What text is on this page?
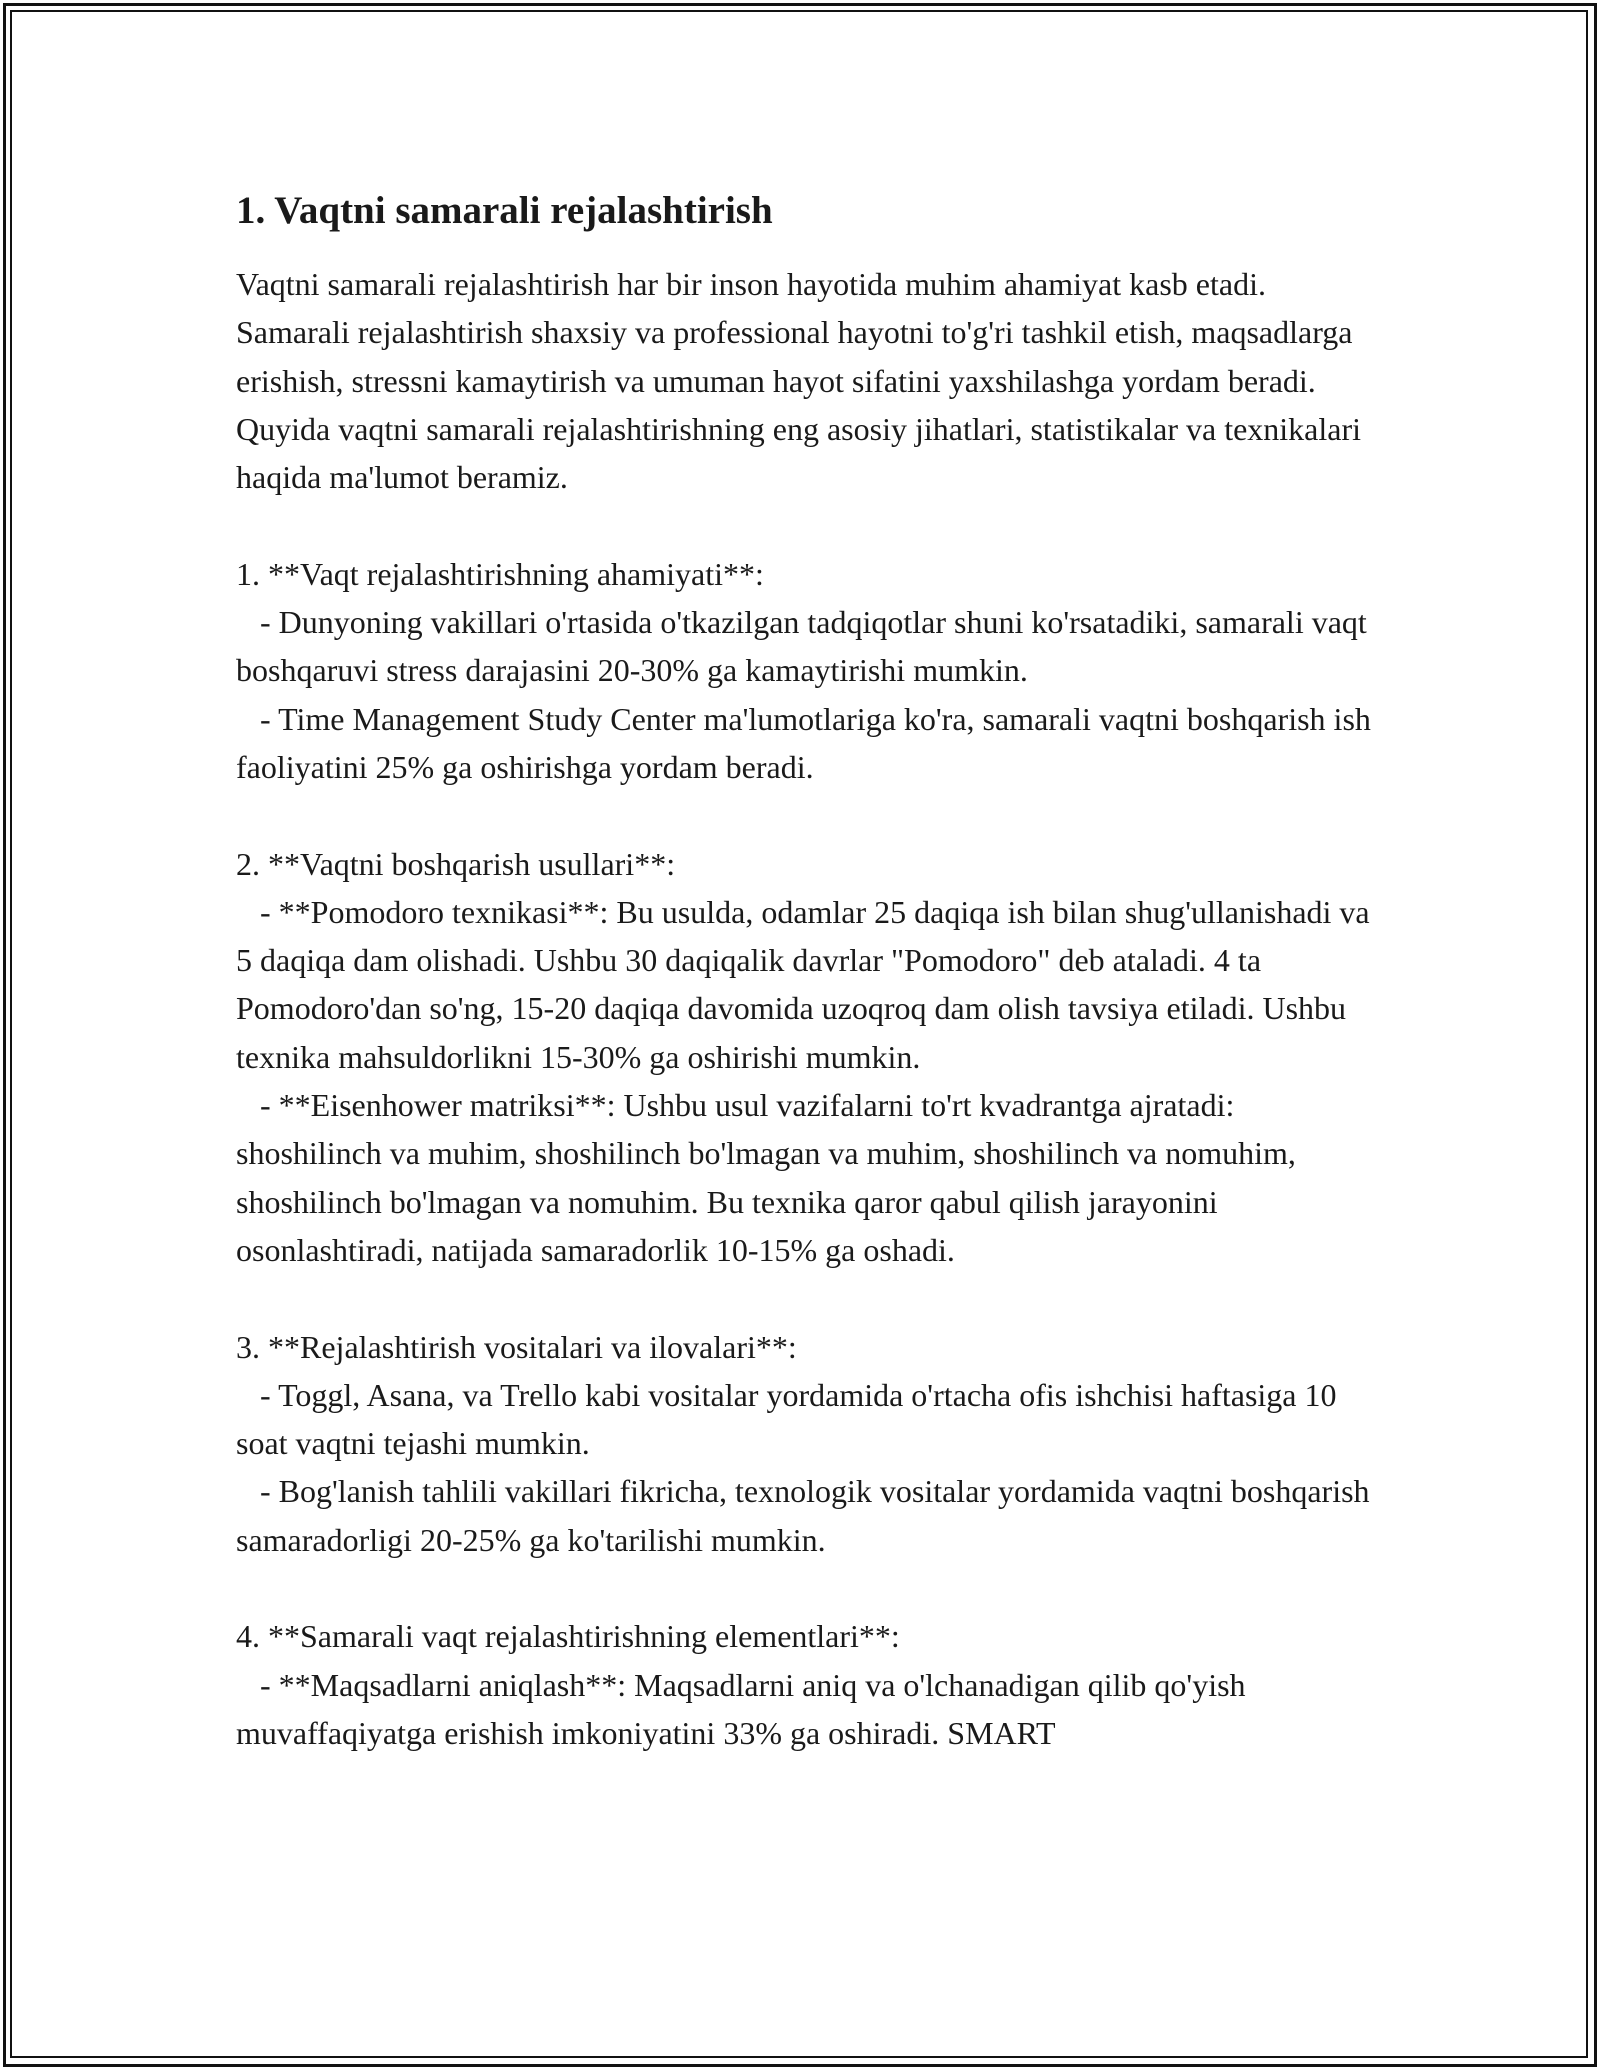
1. Vaqtni samarali rejalashtirish

Vaqtni samarali rejalashtirish har bir inson hayotida muhim ahamiyat kasb etadi. Samarali rejalashtirish shaxsiy va professional hayotni to'g'ri tashkil etish, maqsadlarga erishish, stressni kamaytirish va umuman hayot sifatini yaxshilashga yordam beradi. Quyida vaqtni samarali rejalashtirishning eng asosiy jihatlari, statistikalar va texnikalari haqida ma'lumot beramiz.

1. **Vaqt rejalashtirishning ahamiyati**:

- Dunyoning vakillari o'rtasida o'tkazilgan tadqiqotlar shuni ko'rsatadiki, samarali vaqt boshqaruvi stress darajasini 20-30% ga kamaytirishi mumkin.

- Time Management Study Center ma'lumotlariga ko'ra, samarali vaqtni boshqarish ish faoliyatini 25% ga oshirishga yordam beradi.

2. **Vaqtni boshqarish usullari**:

- **Pomodoro texnikasi**: Bu usulda, odamlar 25 daqiqa ish bilan shug'ullanishadi va 5 daqiqa dam olishadi. Ushbu 30 daqiqalik davrlar "Pomodoro" deb ataladi. 4 ta Pomodoro'dan so'ng, 15-20 daqiqa davomida uzoqroq dam olish tavsiya etiladi. Ushbu texnika mahsuldorlikni 15-30% ga oshirishi mumkin.

- **Eisenhower matriksi**: Ushbu usul vazifalarni to'rt kvadrantga ajratadi: shoshilinch va muhim, shoshilinch bo'lmagan va muhim, shoshilinch va nomuhim, shoshilinch bo'lmagan va nomuhim. Bu texnika qaror qabul qilish jarayonini osonlashtiradi, natijada samaradorlik 10-15% ga oshadi.

3. **Rejalashtirish vositalari va ilovalari**:

- Toggl, Asana, va Trello kabi vositalar yordamida o'rtacha ofis ishchisi haftasiga 10 soat vaqtni tejashi mumkin.

- Bog'lanish tahlili vakillari fikricha, texnologik vositalar yordamida vaqtni boshqarish samaradorligi 20-25% ga ko'tarilishi mumkin.

4. **Samarali vaqt rejalashtirishning elementlari**:

- **Maqsadlarni aniqlash**: Maqsadlarni aniq va o'lchanadigan qilib qo'yish muvaffaqiyatga erishish imkoniyatini 33% ga oshiradi. SMART
